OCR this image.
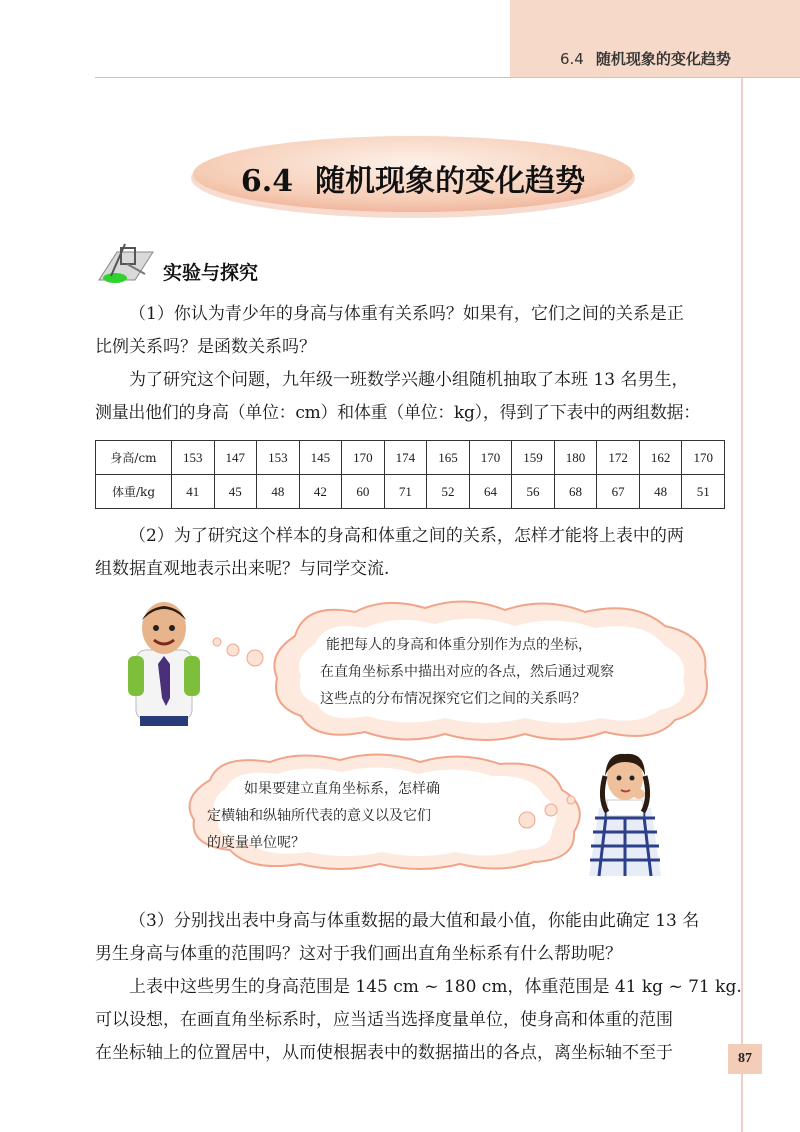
6.4 随机现象的变化趋势
6.4 随机现象的变化趋势
实验与探究
（1）你认为青少年的身高与体重有关系吗？如果有，它们之间的关系是正
比例关系吗？是函数关系吗？
为了研究这个问题，九年级一班数学兴趣小组随机抽取了本班 13 名男生，
测量出他们的身高（单位：cm）和体重（单位：kg），得到了下表中的两组数据：
身高/cm	153	147	153	145	170	174	165	170	159	180	172	162	170
体重/kg	41	45	48	42	60	71	52	64	56	68	67	48	51
（2）为了研究这个样本的身高和体重之间的关系，怎样才能将上表中的两
组数据直观地表示出来呢？与同学交流.
能把每人的身高和体重分别作为点的坐标，
在直角坐标系中描出对应的各点，然后通过观察
这些点的分布情况探究它们之间的关系吗？
如果要建立直角坐标系，怎样确
定横轴和纵轴所代表的意义以及它们
的度量单位呢？
（3）分别找出表中身高与体重数据的最大值和最小值，你能由此确定 13 名
男生身高与体重的范围吗？这对于我们画出直角坐标系有什么帮助呢？
上表中这些男生的身高范围是 145 cm ~ 180 cm，体重范围是 41 kg ~ 71 kg.
可以设想，在画直角坐标系时，应当适当选择度量单位，使身高和体重的范围
在坐标轴上的位置居中，从而使根据表中的数据描出的各点，离坐标轴不至于	87
